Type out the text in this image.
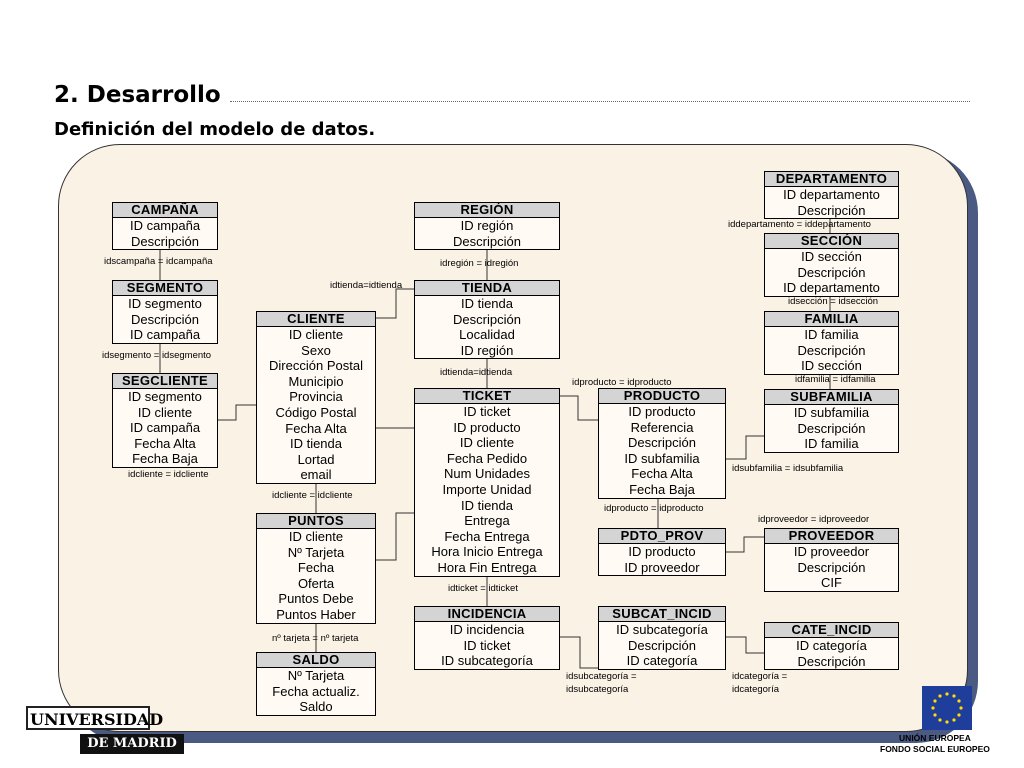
2. Desarrollo
Definición del modelo de datos.
CAMPAÑA
ID campaña
Descripción
SEGMENTO
ID segmento
Descripción
ID campaña
SEGCLIENTE
ID segmento
ID cliente
ID campaña
Fecha Alta
Fecha Baja
CLIENTE
ID cliente
Sexo
Dirección Postal
Municipio
Provincia
Código Postal
Fecha Alta
ID tienda
Lortad
email
PUNTOS
ID cliente
Nº Tarjeta
Fecha
Oferta
Puntos Debe
Puntos Haber
SALDO
Nº Tarjeta
Fecha actualiz.
Saldo
REGIÓN
ID región
Descripción
TIENDA
ID tienda
Descripción
Localidad
ID región
TICKET
ID ticket
ID producto
ID cliente
Fecha Pedido
Num Unidades
Importe Unidad
ID tienda
Entrega
Fecha Entrega
Hora Inicio Entrega
Hora Fin Entrega
INCIDENCIA
ID incidencia
ID ticket
ID subcategoría
PRODUCTO
ID producto
Referencia
Descripción
ID subfamilia
Fecha Alta
Fecha Baja
PDTO_PROV
ID producto
ID proveedor
SUBCAT_INCID
ID subcategoría
Descripción
ID categoría
DEPARTAMENTO
ID departamento
Descripción
SECCIÓN
ID sección
Descripción
ID departamento
FAMILIA
ID familia
Descripción
ID sección
SUBFAMILIA
ID subfamilia
Descripción
ID familia
PROVEEDOR
ID proveedor
Descripción
CIF
CATE_INCID
ID categoría
Descripción
idscampaña = idcampaña
idsegmento = idsegmento
idcliente = idcliente
idtienda=idtienda
idregión = idregión
idtienda=idtienda
idcliente = idcliente
nº tarjeta = nº tarjeta
idproducto = idproducto
idticket = idticket
idproducto = idproducto
idproveedor = idproveedor
iddepartamento = iddepartamento
idsección = idsección
idfamilia = idfamilia
idsubfamilia = idsubfamilia
idsubcategoría = idsubcategoría
idcategoría = idcategoría
UNIVERSIDAD
DE MADRID	UNIÓN EUROPEA
FONDO SOCIAL EUROPEO
